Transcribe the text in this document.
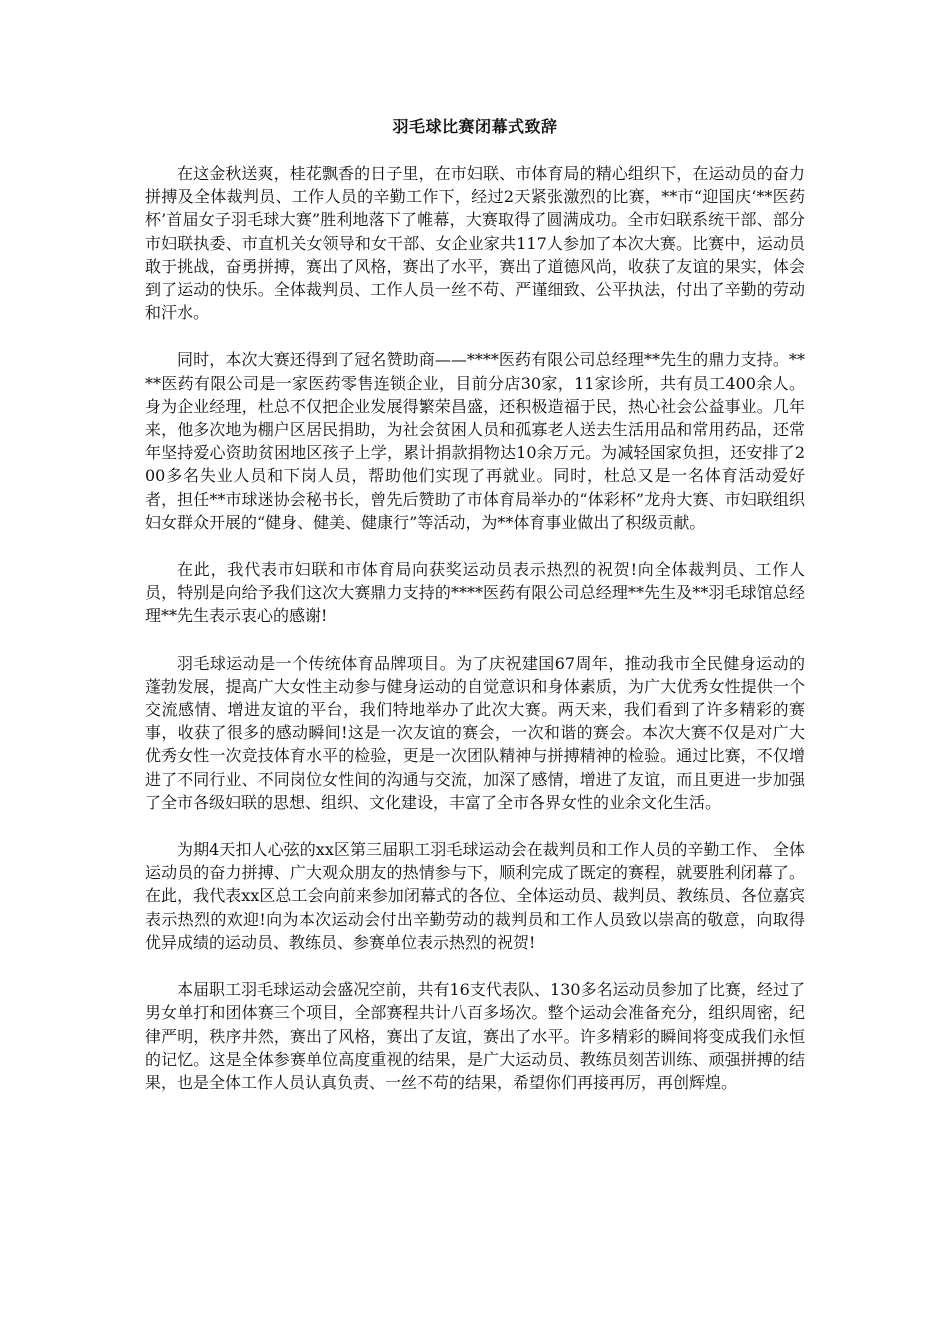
羽毛球比赛闭幕式致辞

在这金秋送爽，桂花飘香的日子里，在市妇联、市体育局的精心组织下，在运动员的奋力拼搏及全体裁判员、工作人员的辛勤工作下，经过2天紧张激烈的比赛，**市“迎国庆‘**医药杯’首届女子羽毛球大赛”胜利地落下了帷幕，大赛取得了圆满成功。全市妇联系统干部、部分市妇联执委、市直机关女领导和女干部、女企业家共117人参加了本次大赛。比赛中，运动员敢于挑战，奋勇拼搏，赛出了风格，赛出了水平，赛出了道德风尚，收获了友谊的果实，体会到了运动的快乐。全体裁判员、工作人员一丝不苟、严谨细致、公平执法，付出了辛勤的劳动和汗水。

同时，本次大赛还得到了冠名赞助商——****医药有限公司总经理**先生的鼎力支持。****医药有限公司是一家医药零售连锁企业，目前分店30家，11家诊所，共有员工400余人。身为企业经理，杜总不仅把企业发展得繁荣昌盛，还积极造福于民，热心社会公益事业。几年来，他多次地为棚户区居民捐助，为社会贫困人员和孤寡老人送去生活用品和常用药品，还常年坚持爱心资助贫困地区孩子上学，累计捐款捐物达10余万元。为减轻国家负担，还安排了200多名失业人员和下岗人员，帮助他们实现了再就业。同时，杜总又是一名体育活动爱好者，担任**市球迷协会秘书长，曾先后赞助了市体育局举办的“体彩杯”龙舟大赛、市妇联组织妇女群众开展的“健身、健美、健康行”等活动，为**体育事业做出了积级贡献。

在此，我代表市妇联和市体育局向获奖运动员表示热烈的祝贺!向全体裁判员、工作人员，特别是向给予我们这次大赛鼎力支持的****医药有限公司总经理**先生及**羽毛球馆总经理**先生表示衷心的感谢!

羽毛球运动是一个传统体育品牌项目。为了庆祝建国67周年，推动我市全民健身运动的蓬勃发展，提高广大女性主动参与健身运动的自觉意识和身体素质，为广大优秀女性提供一个交流感情、增进友谊的平台，我们特地举办了此次大赛。两天来，我们看到了许多精彩的赛事，收获了很多的感动瞬间!这是一次友谊的赛会，一次和谐的赛会。本次大赛不仅是对广大优秀女性一次竞技体育水平的检验，更是一次团队精神与拼搏精神的检验。通过比赛，不仅增进了不同行业、不同岗位女性间的沟通与交流，加深了感情，增进了友谊，而且更进一步加强了全市各级妇联的思想、组织、文化建设，丰富了全市各界女性的业余文化生活。

为期4天扣人心弦的xx区第三届职工羽毛球运动会在裁判员和工作人员的辛勤工作、 全体运动员的奋力拼搏、广大观众朋友的热情参与下，顺利完成了既定的赛程，就要胜利闭幕了。在此，我代表xx区总工会向前来参加闭幕式的各位、全体运动员、裁判员、教练员、各位嘉宾表示热烈的欢迎!向为本次运动会付出辛勤劳动的裁判员和工作人员致以崇高的敬意，向取得优异成绩的运动员、教练员、参赛单位表示热烈的祝贺!

本届职工羽毛球运动会盛况空前，共有16支代表队、130多名运动员参加了比赛，经过了男女单打和团体赛三个项目，全部赛程共计八百多场次。整个运动会准备充分，组织周密，纪律严明，秩序井然，赛出了风格，赛出了友谊，赛出了水平。许多精彩的瞬间将变成我们永恒的记忆。这是全体参赛单位高度重视的结果，是广大运动员、教练员刻苦训练、顽强拼搏的结果，也是全体工作人员认真负责、一丝不苟的结果，希望你们再接再厉，再创辉煌。
